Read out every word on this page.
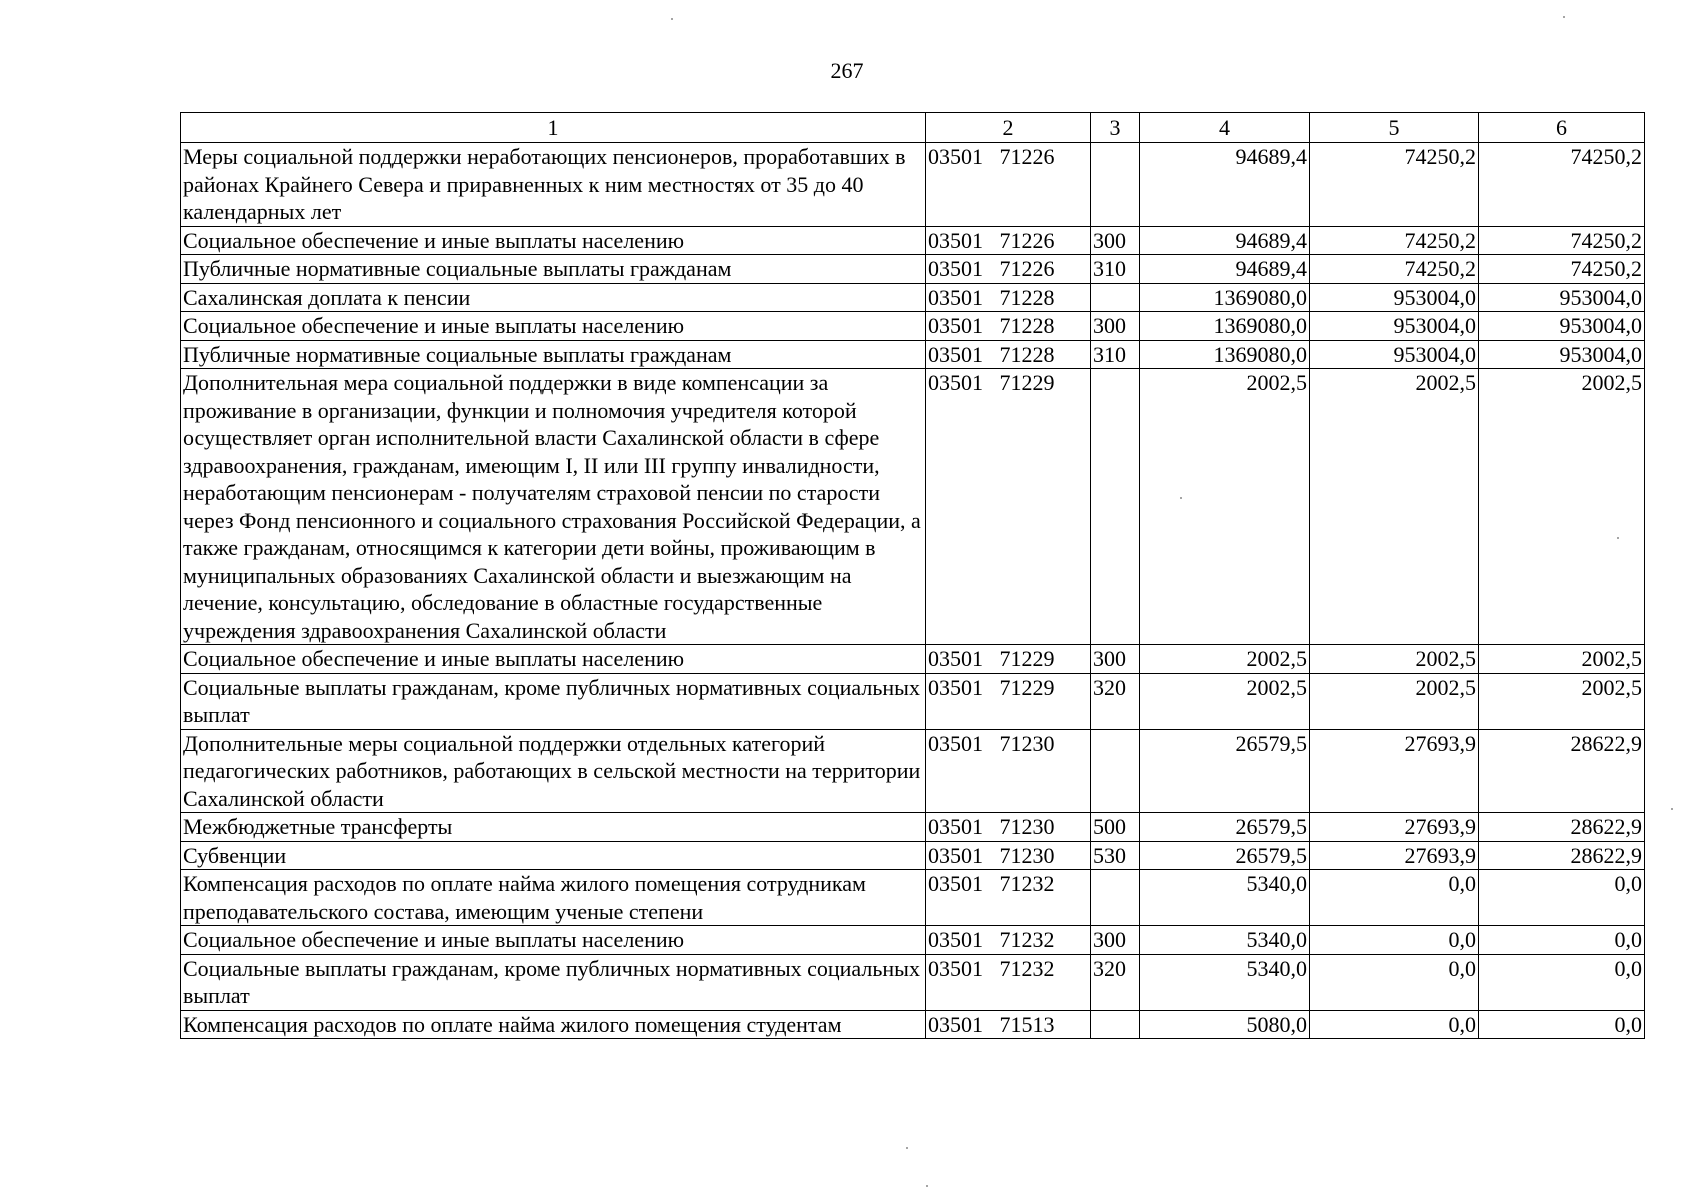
267
1	2	3	4	5	6
Меры социальной поддержки неработающих пенсионеров, проработавших в районах Крайнего Севера и приравненных к ним местностях от 35 до 40 календарных лет	03501   71226		94689,4	74250,2	74250,2
Социальное обеспечение и иные выплаты населению	03501   71226	300	94689,4	74250,2	74250,2
Публичные нормативные социальные выплаты гражданам	03501   71226	310	94689,4	74250,2	74250,2
Сахалинская доплата к пенсии	03501   71228		1369080,0	953004,0	953004,0
Социальное обеспечение и иные выплаты населению	03501   71228	300	1369080,0	953004,0	953004,0
Публичные нормативные социальные выплаты гражданам	03501   71228	310	1369080,0	953004,0	953004,0
Дополнительная мера социальной поддержки в виде компенсации за проживание в организации, функции и полномочия учредителя которой осуществляет орган исполнительной власти Сахалинской области в сфере здравоохранения, гражданам, имеющим I, II или III группу инвалидности, неработающим пенсионерам - получателям страховой пенсии по старости через Фонд пенсионного и социального страхования Российской Федерации, а также гражданам, относящимся к категории дети войны, проживающим в муниципальных образованиях Сахалинской области и выезжающим на лечение, консультацию, обследование в областные государственные учреждения здравоохранения Сахалинской области	03501   71229		2002,5	2002,5	2002,5
Социальное обеспечение и иные выплаты населению	03501   71229	300	2002,5	2002,5	2002,5
Социальные выплаты гражданам, кроме публичных нормативных социальных выплат	03501   71229	320	2002,5	2002,5	2002,5
Дополнительные меры социальной поддержки отдельных категорий педагогических работников, работающих в сельской местности на территории Сахалинской области	03501   71230		26579,5	27693,9	28622,9
Межбюджетные трансферты	03501   71230	500	26579,5	27693,9	28622,9
Субвенции	03501   71230	530	26579,5	27693,9	28622,9
Компенсация расходов по оплате найма жилого помещения сотрудникам преподавательского состава, имеющим ученые степени	03501   71232		5340,0	0,0	0,0
Социальное обеспечение и иные выплаты населению	03501   71232	300	5340,0	0,0	0,0
Социальные выплаты гражданам, кроме публичных нормативных социальных выплат	03501   71232	320	5340,0	0,0	0,0
Компенсация расходов по оплате найма жилого помещения студентам	03501   71513		5080,0	0,0	0,0
